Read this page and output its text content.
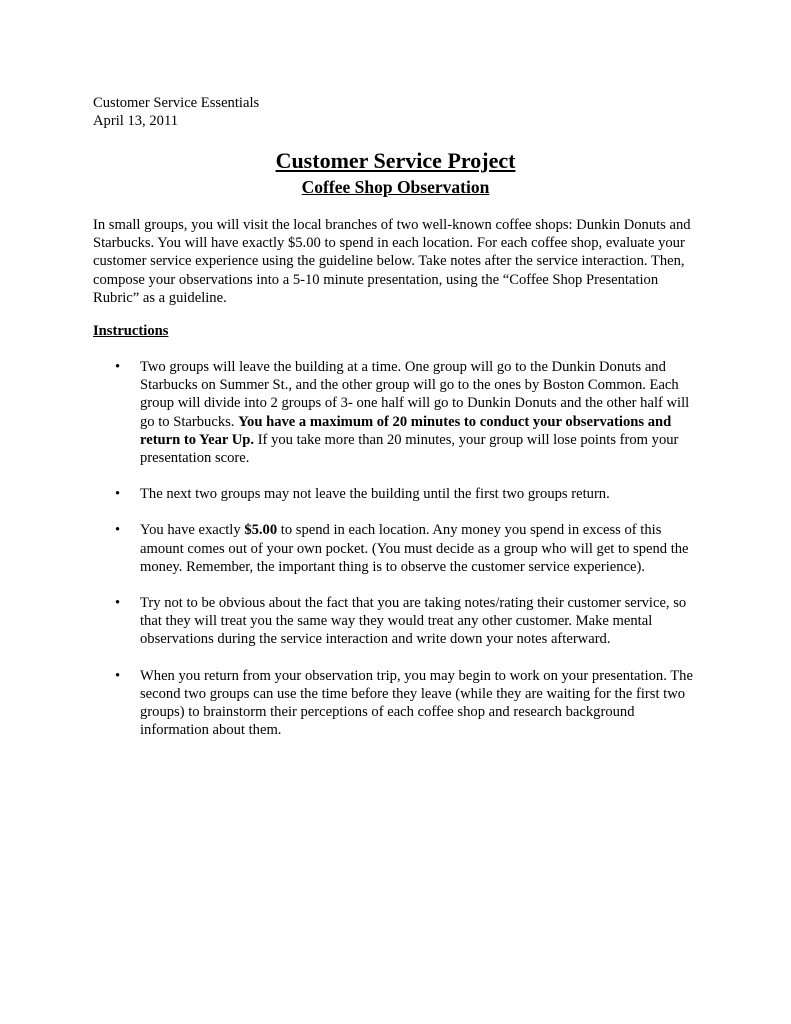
Customer Service Essentials
April 13, 2011
Customer Service Project
Coffee Shop Observation

In small groups, you will visit the local branches of two well-known coffee shops: Dunkin Donuts and Starbucks. You will have exactly $5.00 to spend in each location. For each coffee shop, evaluate your customer service experience using the guideline below. Take notes after the service interaction. Then, compose your observations into a 5-10 minute presentation, using the “Coffee Shop Presentation Rubric” as a guideline.

Instructions
• Two groups will leave the building at a time. One group will go to the Dunkin Donuts and Starbucks on Summer St., and the other group will go to the ones by Boston Common. Each group will divide into 2 groups of 3- one half will go to Dunkin Donuts and the other half will go to Starbucks. You have a maximum of 20 minutes to conduct your observations and return to Year Up. If you take more than 20 minutes, your group will lose points from your presentation score.
• The next two groups may not leave the building until the first two groups return.
• You have exactly $5.00 to spend in each location. Any money you spend in excess of this amount comes out of your own pocket. (You must decide as a group who will get to spend the money. Remember, the important thing is to observe the customer service experience).
• Try not to be obvious about the fact that you are taking notes/rating their customer service, so that they will treat you the same way they would treat any other customer. Make mental observations during the service interaction and write down your notes afterward.
• When you return from your observation trip, you may begin to work on your presentation. The second two groups can use the time before they leave (while they are waiting for the first two groups) to brainstorm their perceptions of each coffee shop and research background information about them.
